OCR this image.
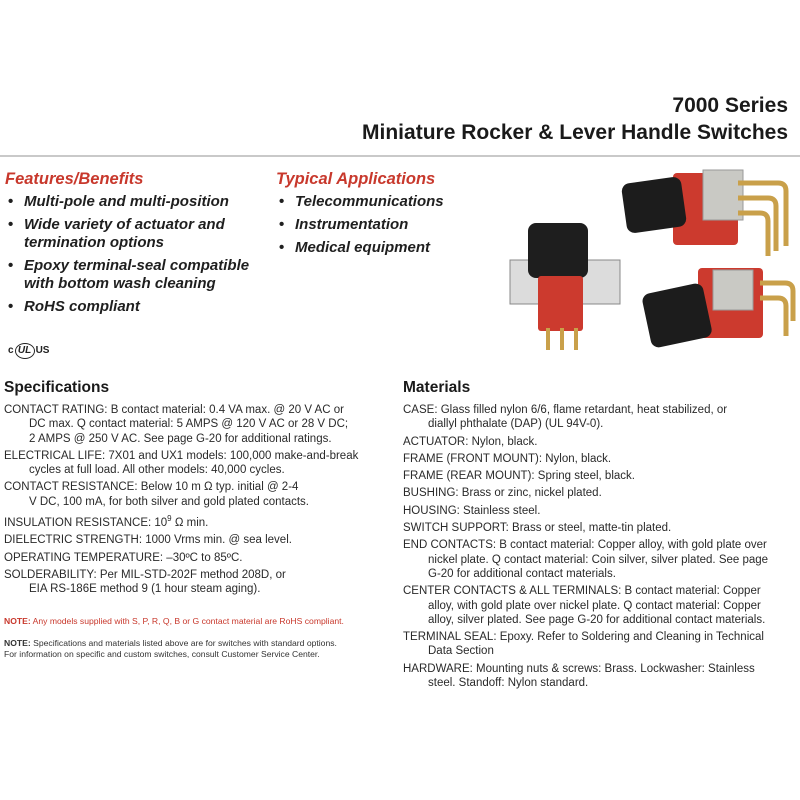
7000 Series
Miniature Rocker & Lever Handle Switches
Features/Benefits
• Multi-pole and multi-position
• Wide variety of actuator and
termination options
• Epoxy terminal-seal compatible
with bottom wash cleaning
• RoHS compliant
Typical Applications
• Telecommunications
• Instrumentation
• Medical equipment
c UL US
Specifications
CONTACT RATING: B contact material: 0.4 VA max. @ 20 V AC or
DC max. Q contact material: 5 AMPS @ 120 V AC or 28 V DC;
2 AMPS @ 250 V AC. See page G-20 for additional ratings.
ELECTRICAL LIFE: 7X01 and UX1 models: 100,000 make-and-break
cycles at full load. All other models: 40,000 cycles.
CONTACT RESISTANCE: Below 10 m Ω typ. initial @ 2-4
V DC, 100 mA, for both silver and gold plated contacts.
INSULATION RESISTANCE: $10^9$ Ω min.
DIELECTRIC STRENGTH: 1000 Vrms min. @ sea level.
OPERATING TEMPERATURE: –30ºC to 85ºC.
SOLDERABILITY: Per MIL-STD-202F method 208D, or
EIA RS-186E method 9 (1 hour steam aging).
NOTE: Any models supplied with S, P, R, Q, B or G contact material are RoHS compliant.
NOTE: Specifications and materials listed above are for switches with standard options.
For information on specific and custom switches, consult Customer Service Center.
Materials
CASE: Glass filled nylon 6/6, flame retardant, heat stabilized, or
diallyl phthalate (DAP) (UL 94V-0).
ACTUATOR: Nylon, black.
FRAME (FRONT MOUNT): Nylon, black.
FRAME (REAR MOUNT): Spring steel, black.
BUSHING: Brass or zinc, nickel plated.
HOUSING: Stainless steel.
SWITCH SUPPORT: Brass or steel, matte-tin plated.
END CONTACTS: B contact material: Copper alloy, with gold plate over
nickel plate. Q contact material: Coin silver, silver plated. See page
G-20 for additional contact materials.
CENTER CONTACTS & ALL TERMINALS: B contact material: Copper
alloy, with gold plate over nickel plate. Q contact material: Copper
alloy, silver plated. See page G-20 for additional contact materials.
TERMINAL SEAL: Epoxy. Refer to Soldering and Cleaning in Technical
Data Section
HARDWARE: Mounting nuts & screws: Brass. Lockwasher: Stainless
steel. Standoff: Nylon standard.
